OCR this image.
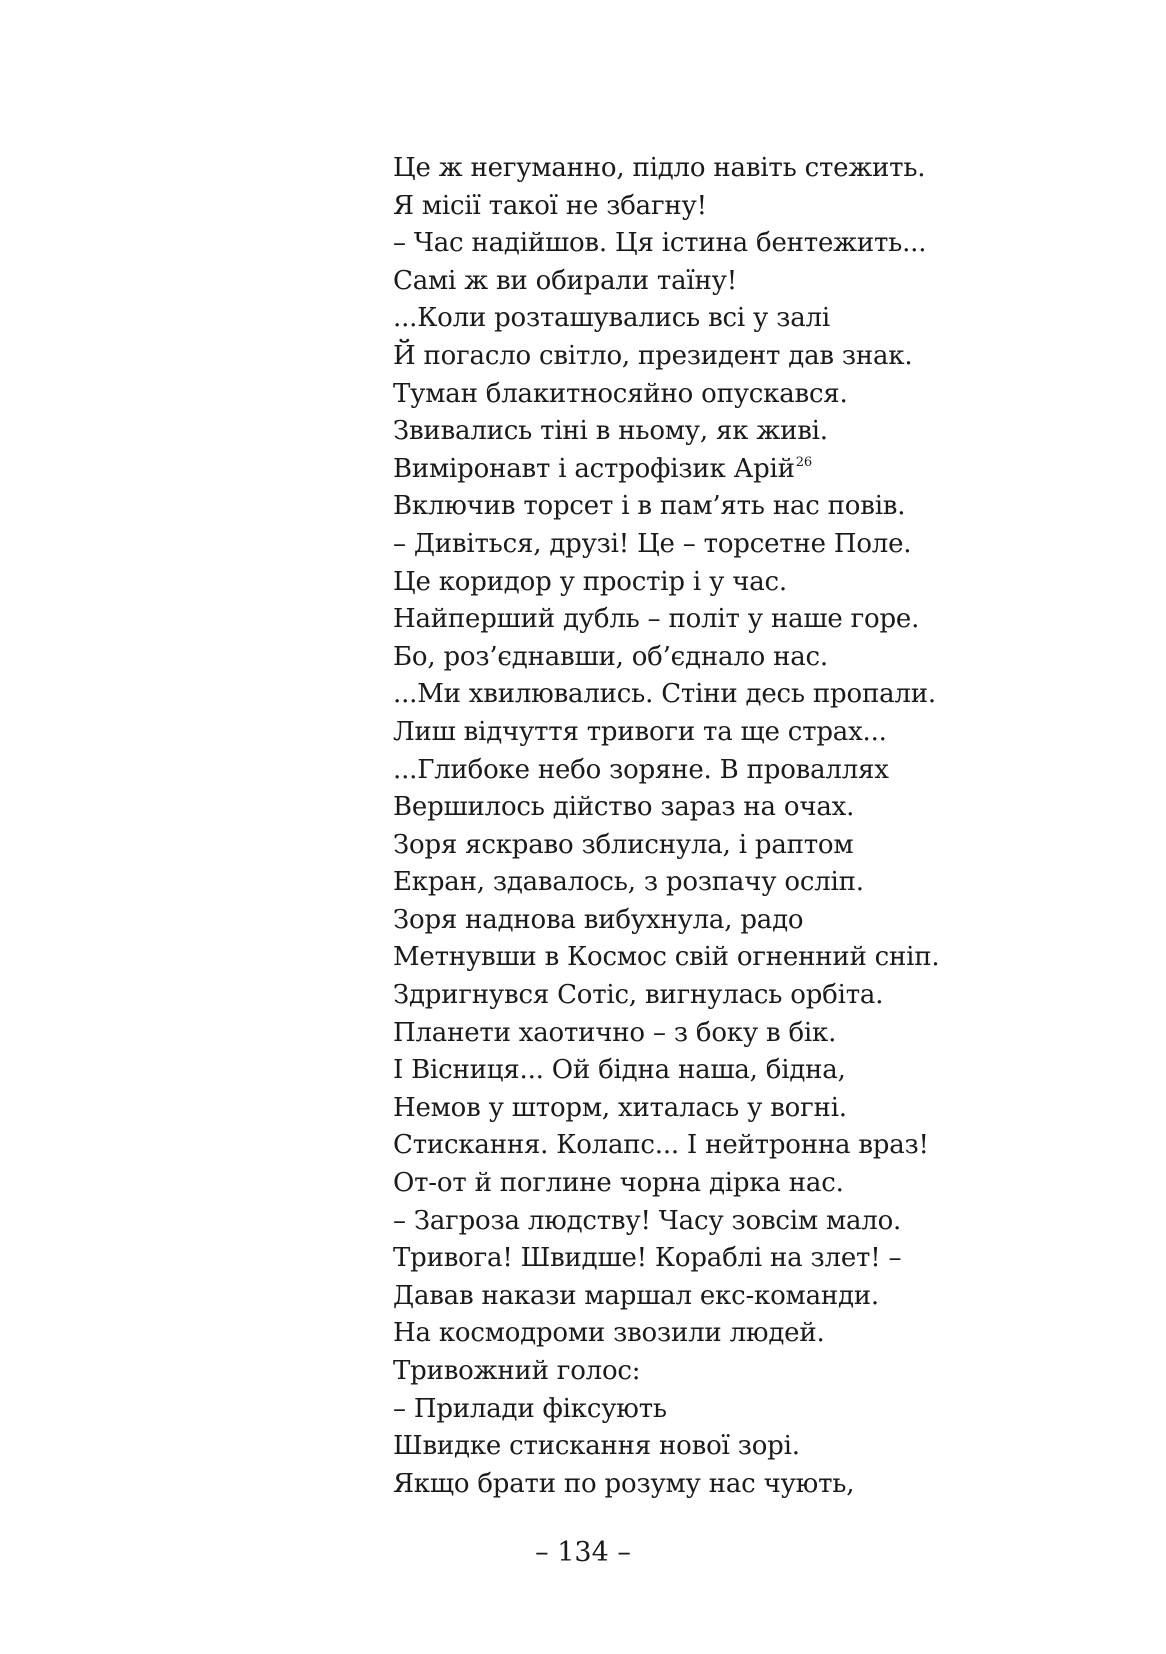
Це ж негуманно, підло навіть стежить.
Я місії такої не збагну!
– Час надійшов. Ця істина бентежить...
Самі ж ви обирали таїну!
...Коли розташувались всі у залі
Й погасло світло, президент дав знак.
Туман блакитносяйно опускався.
Звивались тіні в ньому, як живі.
Виміронавт і астрофізик Арій$^{26}$
Включив торсет і в пам’ять нас повів.
– Дивіться, друзі! Це – торсетне Поле.
Це коридор у простір і у час.
Найперший дубль – політ у наше горе.
Бо, роз’єднавши, об’єднало нас.
...Ми хвилювались. Стіни десь пропали.
Лиш відчуття тривоги та ще страх...
...Глибоке небо зоряне. В проваллях
Вершилось дійство зараз на очах.
Зоря яскраво зблиснула, і раптом
Екран, здавалось, з розпачу осліп.
Зоря наднова вибухнула, радо
Метнувши в Космос свій огненний сніп.
Здригнувся Сотіс, вигнулась орбіта.
Планети хаотично – з боку в бік.
І Вісниця... Ой бідна наша, бідна,
Немов у шторм, хиталась у вогні.
Стискання. Колапс... І нейтронна враз!
От-от й поглине чорна дірка нас.
– Загроза людству! Часу зовсім мало.
Тривога! Швидше! Кораблі на злет! –
Давав накази маршал екс-команди.
На космодроми звозили людей.
Тривожний голос:
– Прилади фіксують
Швидке стискання нової зорі.
Якщо брати по розуму нас чують,
– 134 –
